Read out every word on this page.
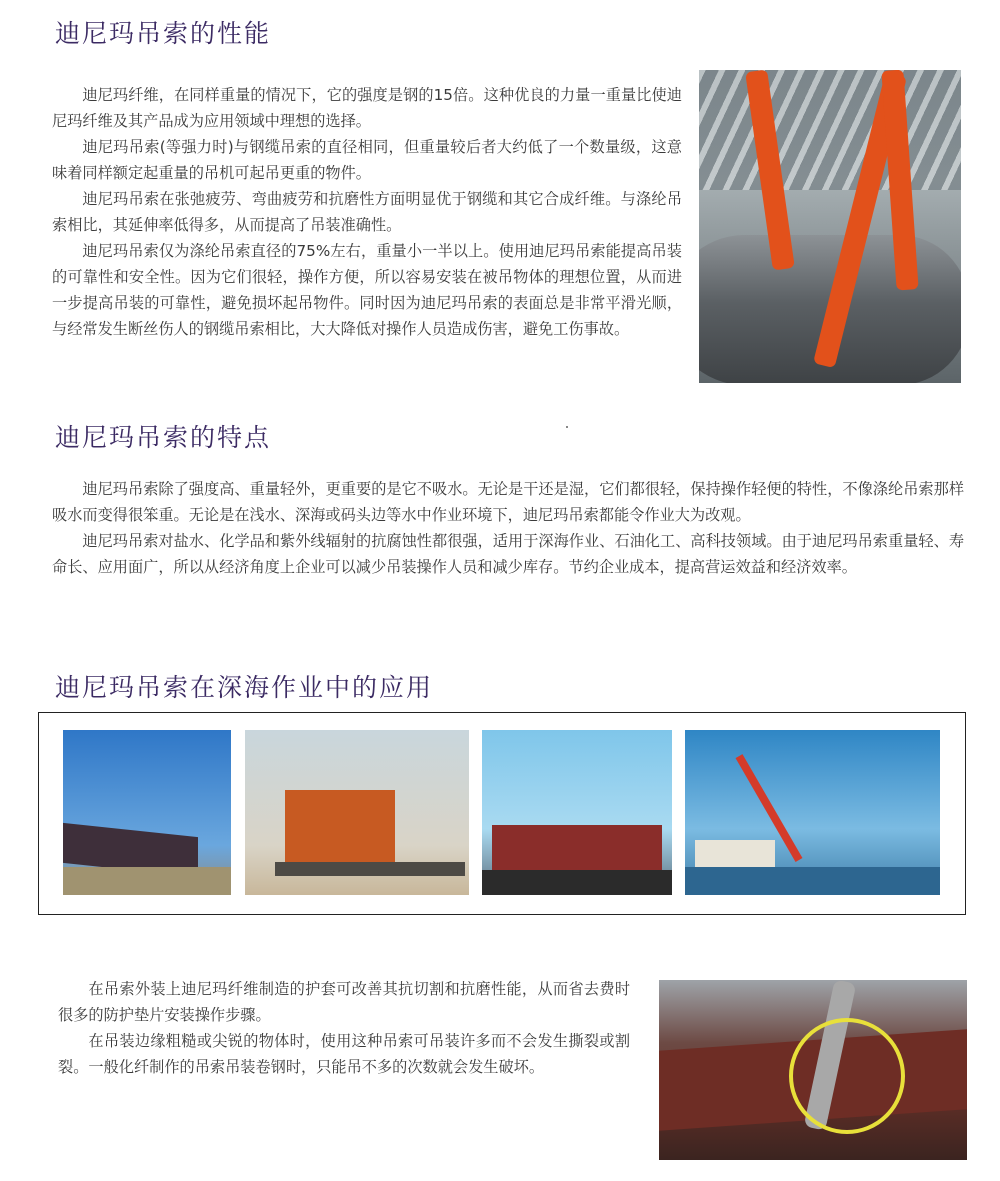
迪尼玛吊索的性能

迪尼玛纤维，在同样重量的情况下，它的强度是钢的15倍。这种优良的力量一重量比使迪尼玛纤维及其产品成为应用领域中理想的选择。

迪尼玛吊索(等强力时)与钢缆吊索的直径相同，但重量较后者大约低了一个数量级，这意味着同样额定起重量的吊机可起吊更重的物件。

迪尼玛吊索在张弛疲劳、弯曲疲劳和抗磨性方面明显优于钢缆和其它合成纤维。与涤纶吊索相比，其延伸率低得多，从而提高了吊装准确性。

迪尼玛吊索仅为涤纶吊索直径的75%左右，重量小一半以上。使用迪尼玛吊索能提高吊装的可靠性和安全性。因为它们很轻，操作方便，所以容易安装在被吊物体的理想位置，从而进一步提高吊装的可靠性，避免损坏起吊物件。同时因为迪尼玛吊索的表面总是非常平滑光顺，与经常发生断丝伤人的钢缆吊索相比，大大降低对操作人员造成伤害，避免工伤事故。

迪尼玛吊索的特点

迪尼玛吊索除了强度高、重量轻外，更重要的是它不吸水。无论是干还是湿，它们都很轻，保持操作轻便的特性，不像涤纶吊索那样吸水而变得很笨重。无论是在浅水、深海或码头边等水中作业环境下，迪尼玛吊索都能令作业大为改观。

迪尼玛吊索对盐水、化学品和紫外线辐射的抗腐蚀性都很强，适用于深海作业、石油化工、高科技领域。由于迪尼玛吊索重量轻、寿命长、应用面广，所以从经济角度上企业可以减少吊装操作人员和减少库存。节约企业成本，提高营运效益和经济效率。

迪尼玛吊索在深海作业中的应用

在吊索外装上迪尼玛纤维制造的护套可改善其抗切割和抗磨性能，从而省去费时很多的防护垫片安装操作步骤。

在吊装边缘粗糙或尖锐的物体时，使用这种吊索可吊装许多而不会发生撕裂或割裂。一般化纤制作的吊索吊装卷钢时，只能吊不多的次数就会发生破坏。
